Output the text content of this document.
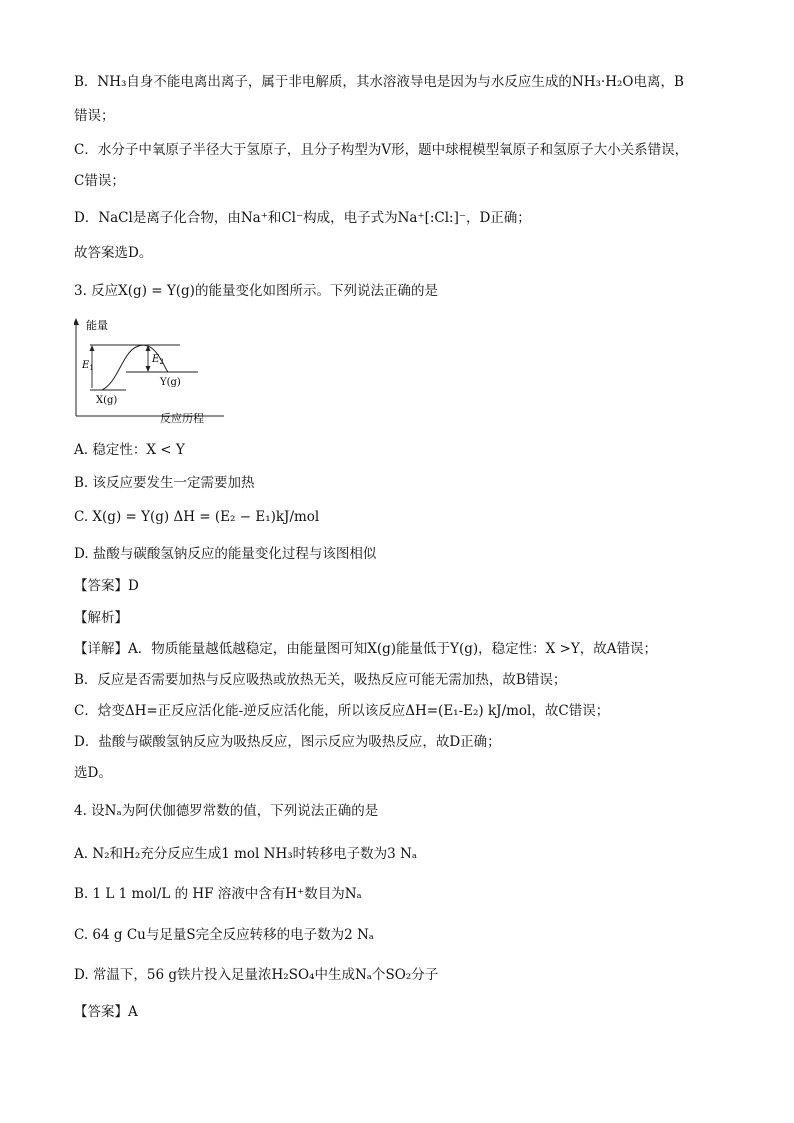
B．NH₃自身不能电离出离子，属于非电解质，其水溶液导电是因为与水反应生成的NH₃·H₂O电离，B
错误；
C．水分子中氧原子半径大于氢原子，且分子构型为V形，题中球棍模型氧原子和氢原子大小关系错误，
C错误；
D．NaCl是离子化合物，由Na⁺和Cl⁻构成，电子式为Na⁺[:Cl:]⁻，D正确；
故答案选D。
3. 反应X(g) = Y(g)的能量变化如图所示。下列说法正确的是
能量
$E_1$
$E_2$
Y(g)
X(g)
反应历程
A. 稳定性：X < Y
B. 该反应要发生一定需要加热
C. X(g) = Y(g) ΔH = (E₂ − E₁)kJ/mol
D. 盐酸与碳酸氢钠反应的能量变化过程与该图相似
【答案】D
【解析】
【详解】A．物质能量越低越稳定，由能量图可知X(g)能量低于Y(g)，稳定性：X >Y，故A错误；
B．反应是否需要加热与反应吸热或放热无关，吸热反应可能无需加热，故B错误；
C．焓变ΔH=正反应活化能-逆反应活化能，所以该反应ΔH=(E₁-E₂) kJ/mol，故C错误；
D．盐酸与碳酸氢钠反应为吸热反应，图示反应为吸热反应，故D正确；
选D。
4. 设Nₐ为阿伏伽德罗常数的值，下列说法正确的是
A. N₂和H₂充分反应生成1 mol NH₃时转移电子数为3 Nₐ
B. 1 L 1 mol/L 的 HF 溶液中含有H⁺数目为Nₐ
C. 64 g Cu与足量S完全反应转移的电子数为2 Nₐ
D. 常温下，56 g铁片投入足量浓H₂SO₄中生成Nₐ个SO₂分子
【答案】A
